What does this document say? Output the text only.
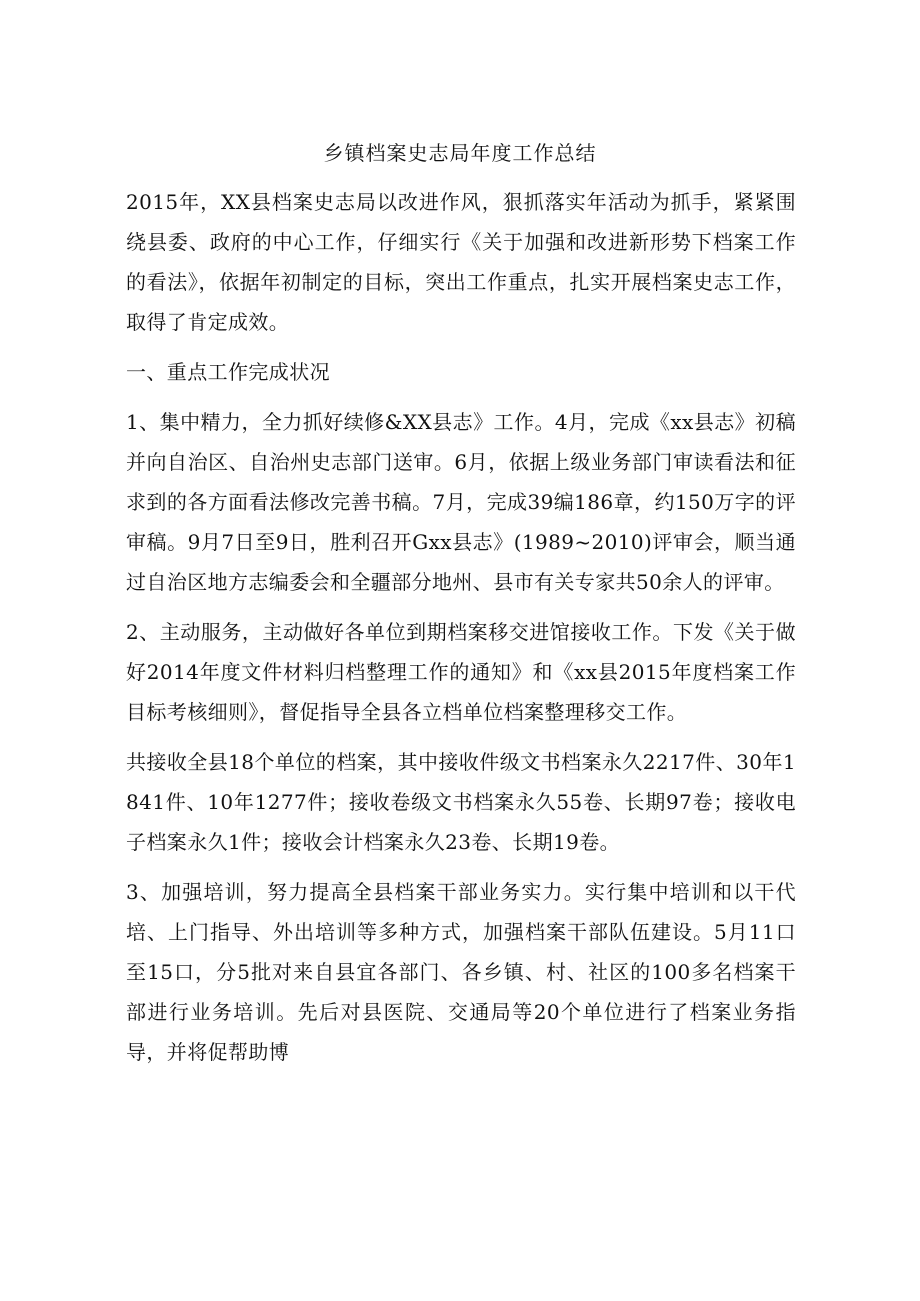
乡镇档案史志局年度工作总结

2015年，XX县档案史志局以改进作风，狠抓落实年活动为抓手，紧紧围绕县委、政府的中心工作，仔细实行《关于加强和改进新形势下档案工作的看法》，依据年初制定的目标，突出工作重点，扎实开展档案史志工作，取得了肯定成效。

一、重点工作完成状况

1、集中精力，全力抓好续修&XX县志》工作。4月，完成《xx县志》初稿并向自治区、自治州史志部门送审。6月，依据上级业务部门审读看法和征求到的各方面看法修改完善书稿。7月，完成39编186章，约150万字的评审稿。9月7日至9日，胜利召开Gxx县志》(1989~2010)评审会，顺当通过自治区地方志编委会和全疆部分地州、县市有关专家共50余人的评审。

2、主动服务，主动做好各单位到期档案移交进馆接收工作。下发《关于做好2014年度文件材料归档整理工作的通知》和《xx县2015年度档案工作目标考核细则》，督促指导全县各立档单位档案整理移交工作。

共接收全县18个单位的档案，其中接收件级文书档案永久2217件、30年1841件、10年1277件；接收卷级文书档案永久55卷、长期97卷；接收电子档案永久1件；接收会计档案永久23卷、长期19卷。

3、加强培训，努力提高全县档案干部业务实力。实行集中培训和以干代培、上门指导、外出培训等多种方式，加强档案干部队伍建设。5月11口至15口，分5批对来自县宜各部门、各乡镇、村、社区的100多名档案干部进行业务培训。先后对县医院、交通局等20个单位进行了档案业务指导，并将促帮助博
